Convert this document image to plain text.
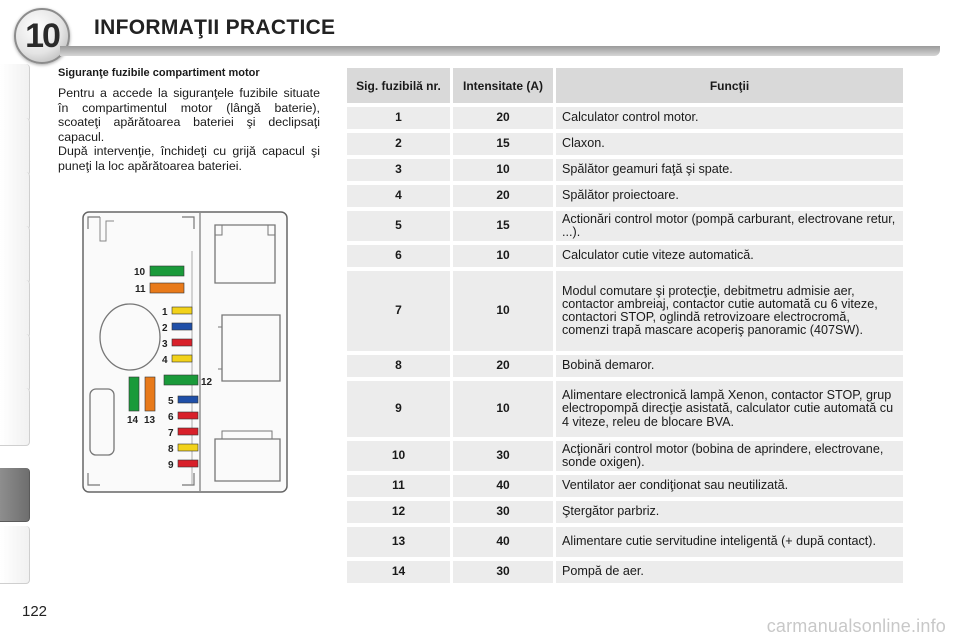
10	INFORMAŢII PRACTICE
Siguranţe fuzibile compartiment motor

Pentru a accede la siguranţele fuzibile situate în compartimentul motor (lângă baterie), scoateţi apărătoarea bateriei şi declipsaţi capacul.

După intervenţie, închideţi cu grijă capacul şi puneţi la loc apărătoarea bateriei.

10
11
1
2
3
4
12
5
6
7
8
9
14 13
Sig. fuzibilă nr.	Intensitate (A)	Funcţii
1	20	Calculator control motor.
2	15	Claxon.
3	10	Spălător geamuri faţă şi spate.
4	20	Spălător proiectoare.
5	15	Actionări control motor (pompă carburant, electrovane retur, ...).
6	10	Calculator cutie viteze automatică.
7	10	Modul comutare şi protecţie, debitmetru admisie aer, contactor ambreiaj, contactor cutie automată cu 6 viteze, contactori STOP, oglindă retrovizoare electrocromă, comenzi trapă mascare acoperiş panoramic (407SW).
8	20	Bobină demaror.
9	10	Alimentare electronică lampă Xenon, contactor STOP, grup electropompă direcţie asistată, calculator cutie automată cu 4 viteze, releu de blocare BVA.
10	30	Acţionări control motor (bobina de aprindere, electrovane, sonde oxigen).
11	40	Ventilator aer condiţionat sau neutilizată.
12	30	Ştergător parbriz.
13	40	Alimentare cutie servitudine inteligentă (+ după contact).
14	30	Pompă de aer.
122
carmanualsonline.info
